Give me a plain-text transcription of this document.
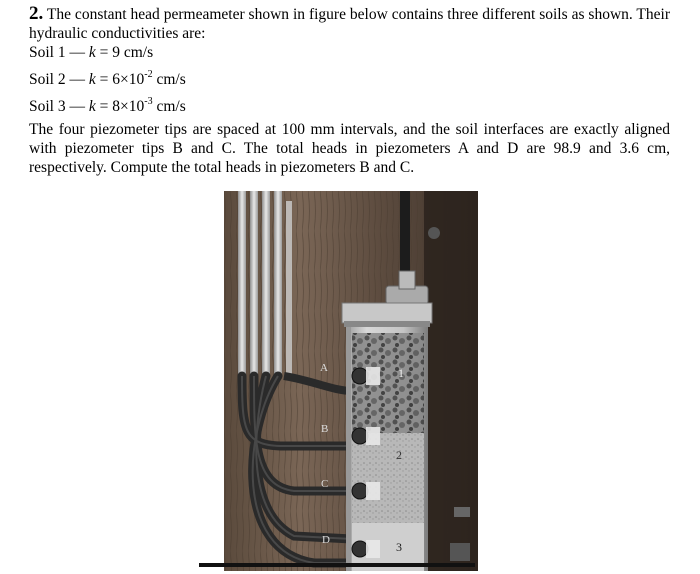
2. The constant head permeameter shown in figure below contains three different soils as shown. Their hydraulic conductivities are:

Soil 1 — k = 9 cm/s

Soil 2 — $k = 6\times 10^{-2}$ cm/s

Soil 3 — $k = 8\times 10^{-3}$ cm/s

The four piezometer tips are spaced at 100 mm intervals, and the soil interfaces are exactly aligned with piezometer tips B and C. The total heads in piezometers A and D are 98.9 and 3.6 cm, respectively. Compute the total heads in piezometers B and C.

A
B
C
D
1
2
3
